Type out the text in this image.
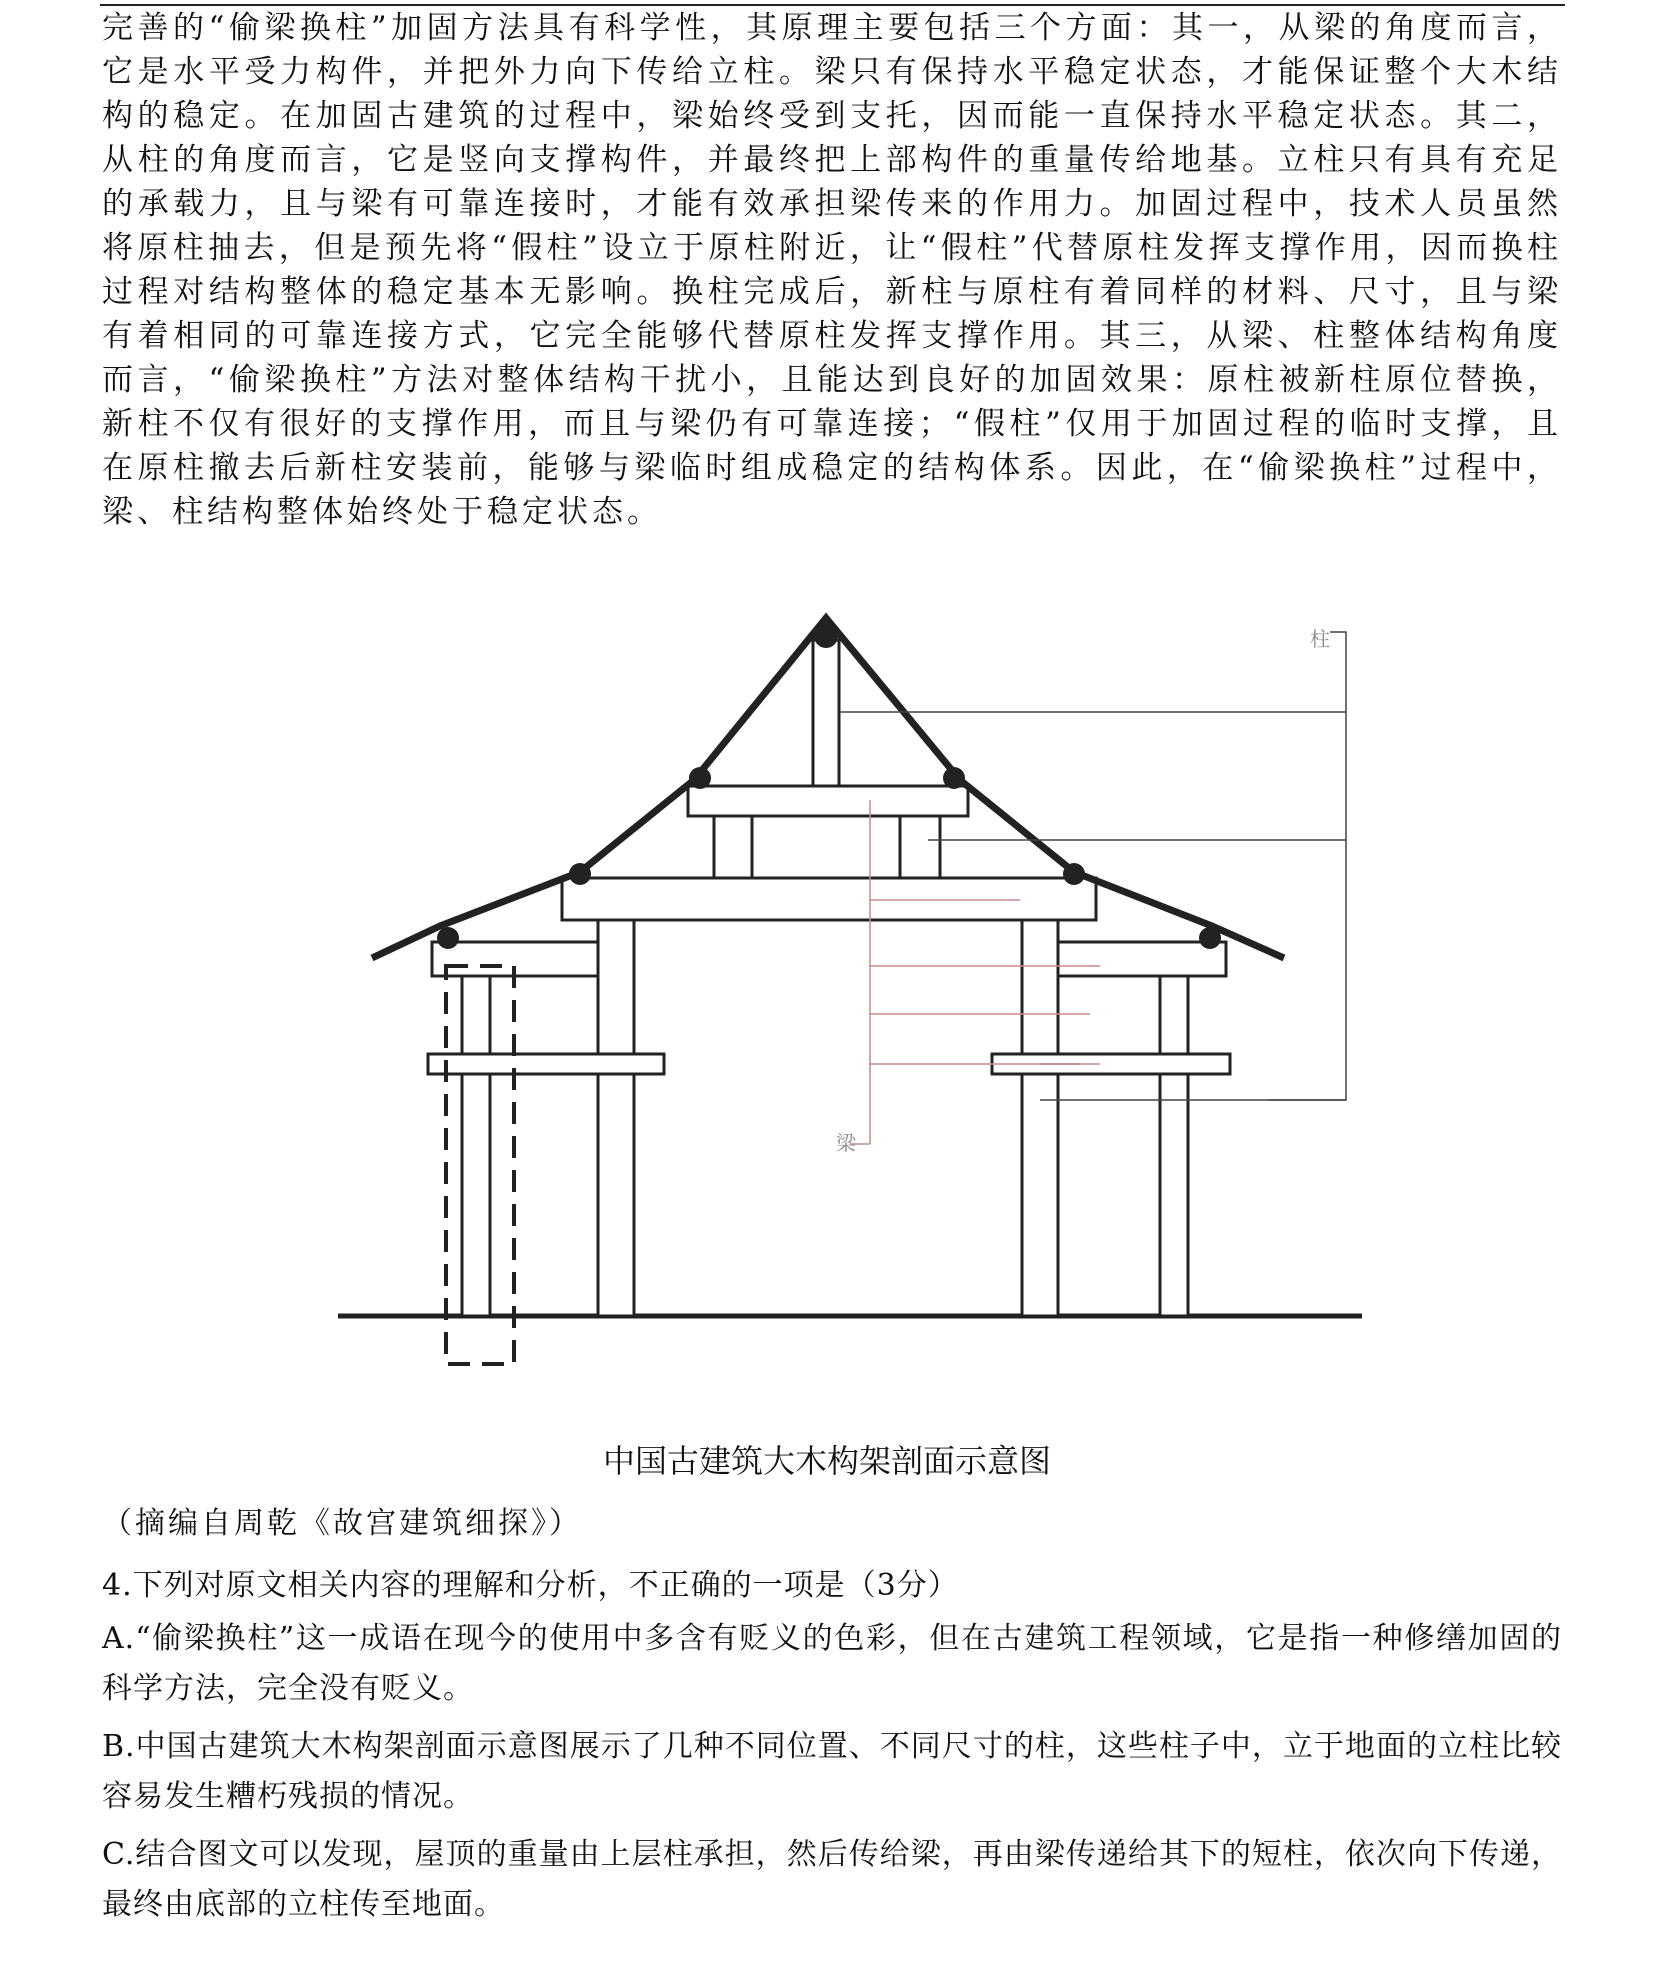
完善的“偷梁换柱”加固方法具有科学性，其原理主要包括三个方面：其一，从梁的角度而言，它是水平受力构件，并把外力向下传给立柱。梁只有保持水平稳定状态，才能保证整个大木结构的稳定。在加固古建筑的过程中，梁始终受到支托，因而能一直保持水平稳定状态。其二，从柱的角度而言，它是竖向支撑构件，并最终把上部构件的重量传给地基。立柱只有具有充足的承载力，且与梁有可靠连接时，才能有效承担梁传来的作用力。加固过程中，技术人员虽然将原柱抽去，但是预先将“假柱”设立于原柱附近，让“假柱”代替原柱发挥支撑作用，因而换柱过程对结构整体的稳定基本无影响。换柱完成后，新柱与原柱有着同样的材料、尺寸，且与梁有着相同的可靠连接方式，它完全能够代替原柱发挥支撑作用。其三，从梁、柱整体结构角度而言，“偷梁换柱”方法对整体结构干扰小，且能达到良好的加固效果：原柱被新柱原位替换，新柱不仅有很好的支撑作用，而且与梁仍有可靠连接；“假柱”仅用于加固过程的临时支撑，且在原柱撤去后新柱安装前，能够与梁临时组成稳定的结构体系。因此，在“偷梁换柱”过程中，梁、柱结构整体始终处于稳定状态。

柱
梁

中国古建筑大木构架剖面示意图

（摘编自周乾《故宫建筑细探》）

4.下列对原文相关内容的理解和分析，不正确的一项是（3分）

A.“偷梁换柱”这一成语在现今的使用中多含有贬义的色彩，但在古建筑工程领域，它是指一种修缮加固的科学方法，完全没有贬义。

B.中国古建筑大木构架剖面示意图展示了几种不同位置、不同尺寸的柱，这些柱子中，立于地面的立柱比较容易发生糟朽残损的情况。

C.结合图文可以发现，屋顶的重量由上层柱承担，然后传给梁，再由梁传递给其下的短柱，依次向下传递，最终由底部的立柱传至地面。
